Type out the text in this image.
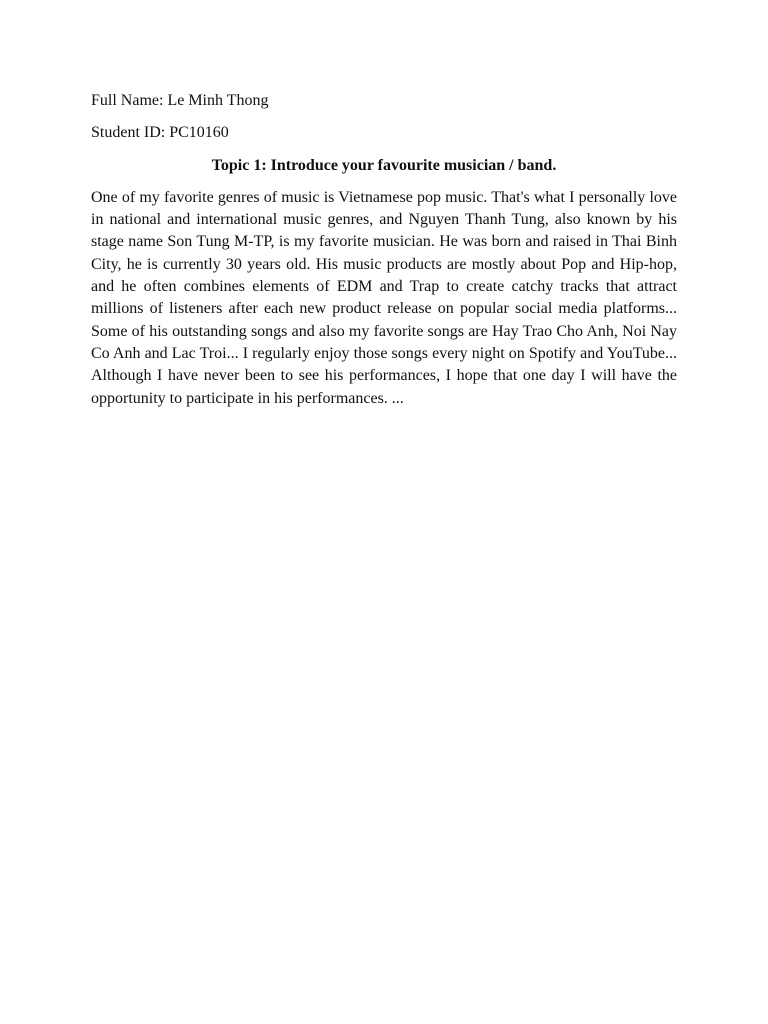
Full Name: Le Minh Thong

Student ID: PC10160

Topic 1: Introduce your favourite musician / band.

One of my favorite genres of music is Vietnamese pop music. That's what I personally love in national and international music genres, and Nguyen Thanh Tung, also known by his stage name Son Tung M-TP, is my favorite musician. He was born and raised in Thai Binh City, he is currently 30 years old. His music products are mostly about Pop and Hip-hop, and he often combines elements of EDM and Trap to create catchy tracks that attract millions of listeners after each new product release on popular social media platforms... Some of his outstanding songs and also my favorite songs are Hay Trao Cho Anh, Noi Nay Co Anh and Lac Troi... I regularly enjoy those songs every night on Spotify and YouTube... Although I have never been to see his performances, I hope that one day I will have the opportunity to participate in his performances. ...
